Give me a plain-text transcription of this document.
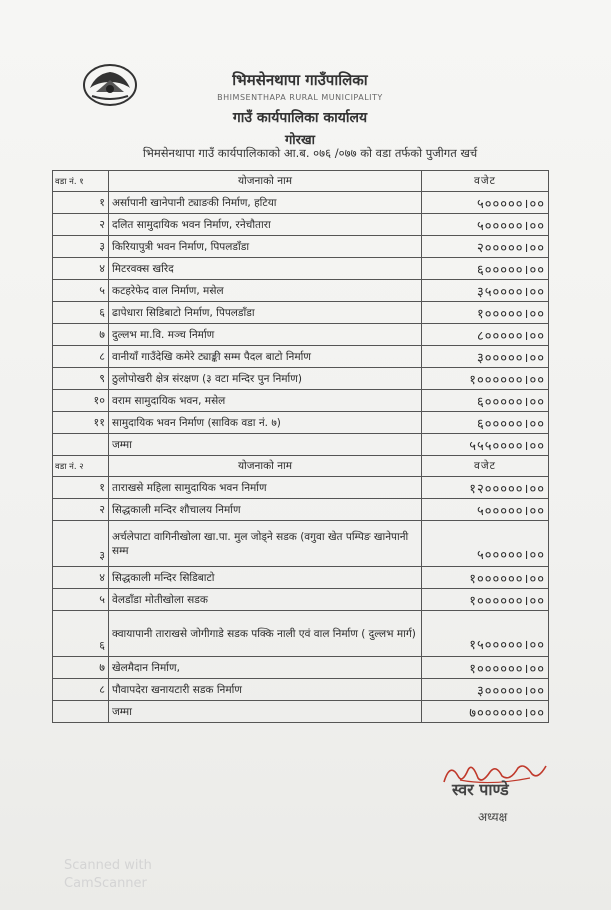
भिमसेनथापा गाउँपालिका
BHIMSENTHAPA RURAL MUNICIPALITY
गाउँ कार्यपालिका कार्यालय
गोरखा
भिमसेनथापा गाउँ कार्यपालिकाको आ.ब. ०७६ /०७७ को वडा तर्फको पुजीगत खर्च
वडा नं. १	योजनाको नाम	वजेट
१	अर्सापानी खानेपानी ट्याङकी निर्माण, हटिया	५०००००।००
२	दलित सामुदायिक भवन निर्माण, रनेचौतारा	५०००००।००
३	किरियापुत्री भवन निर्माण, पिपलडाँडा	२०००००।००
४	मिटरवक्स खरिद	६०००००।००
५	कटहरेफेद वाल निर्माण, मसेल	३५००००।००
६	ढापेधारा सिडिबाटो निर्माण, पिपलडाँडा	१०००००।००
७	दुल्लभ मा.वि. मञ्च निर्माण	८०००००।००
८	वानीयाँ गाउँदेखि कमेरे ट्याङ्की सम्म पैदल बाटो निर्माण	३०००००।००
९	ठुलोपोखरी क्षेत्र संरक्षण (३ वटा मन्दिर पुन निर्माण)	१००००००।००
१०	वराम सामुदायिक भवन, मसेल	६०००००।००
११	सामुदायिक भवन निर्माण (साविक वडा नं. ७)	६०००००।००
	जम्मा	५५५००००।००
वडा नं. २	योजनाको नाम	वजेट
१	ताराखसे महिला सामुदायिक भवन निर्माण	१२०००००।००
२	सिद्धकाली मन्दिर शौचालय निर्माण	५०००००।००
३	अर्चलेपाटा वागिनीखोला खा.पा. मुल जोड्ने सडक (वगुवा खेत पम्पिङ खानेपानी सम्म	५०००००।००
४	सिद्धकाली मन्दिर सिडिबाटो	१००००००।००
५	वेलडाँडा मोतीखोला सडक	१००००००।००
६	क्वायापानी ताराखसे जोगीगाडे सडक पक्कि नाली एवं वाल निर्माण ( दुल्लभ मार्ग)	१५०००००।००
७	खेलमैदान निर्माण,	१००००००।००
८	पौवापदेरा खनायटारी सडक निर्माण	३०००००।००
	जम्मा	७००००००।००
स्वर पाण्डे
अध्यक्ष
Scanned with
CamScanner
